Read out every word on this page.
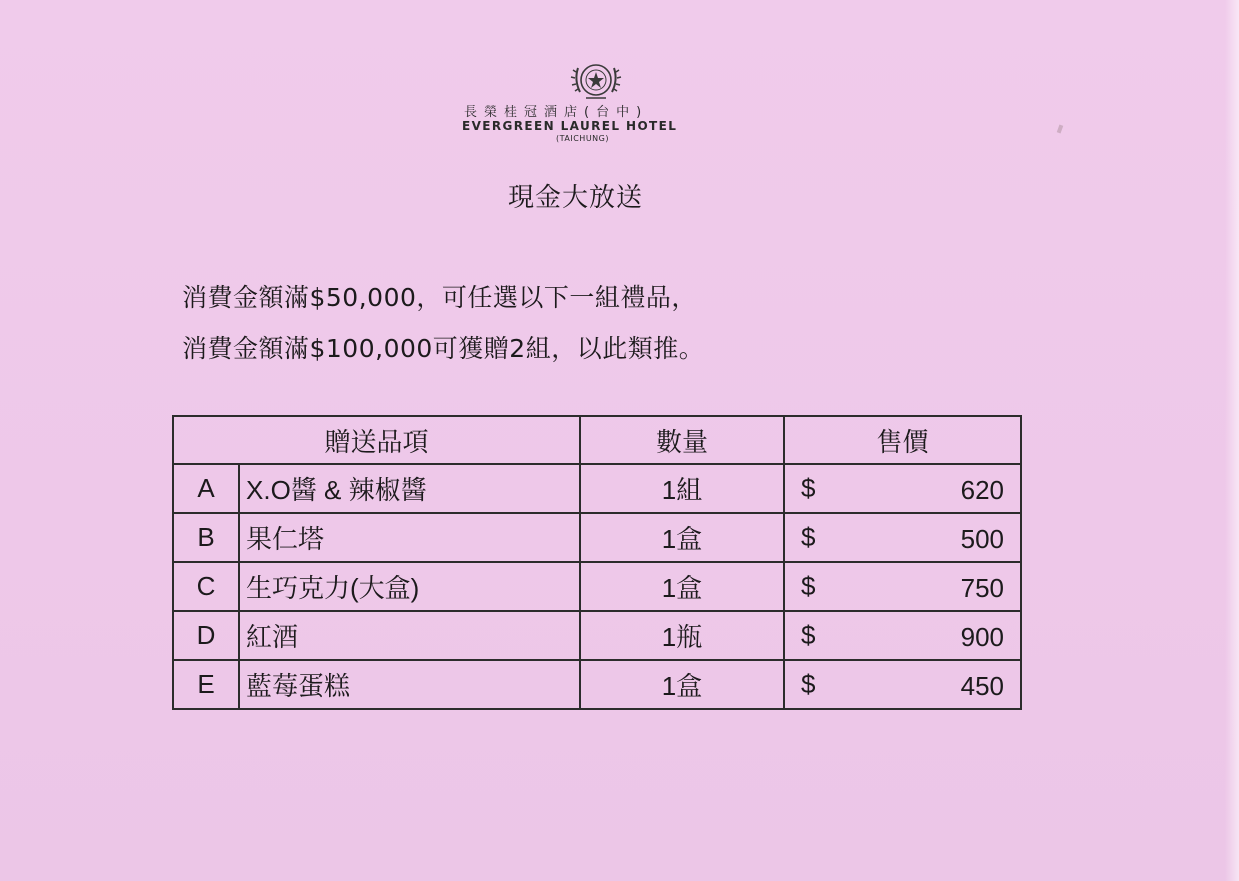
長榮桂冠酒店(台中)
EVERGREEN LAUREL HOTEL
(TAICHUNG)
現金大放送
消費金額滿$50,000，可任選以下一組禮品，
消費金額滿$100,000可獲贈2組，以此類推。
贈送品項		數量	售價
A	X.O醬 & 辣椒醬	1組	$ 620

B	果仁塔	1盒	$ 500

C	生巧克力(大盒)	1盒	$ 750

D	紅酒	1瓶	$ 900

E	藍莓蛋糕	1盒	$ 450
